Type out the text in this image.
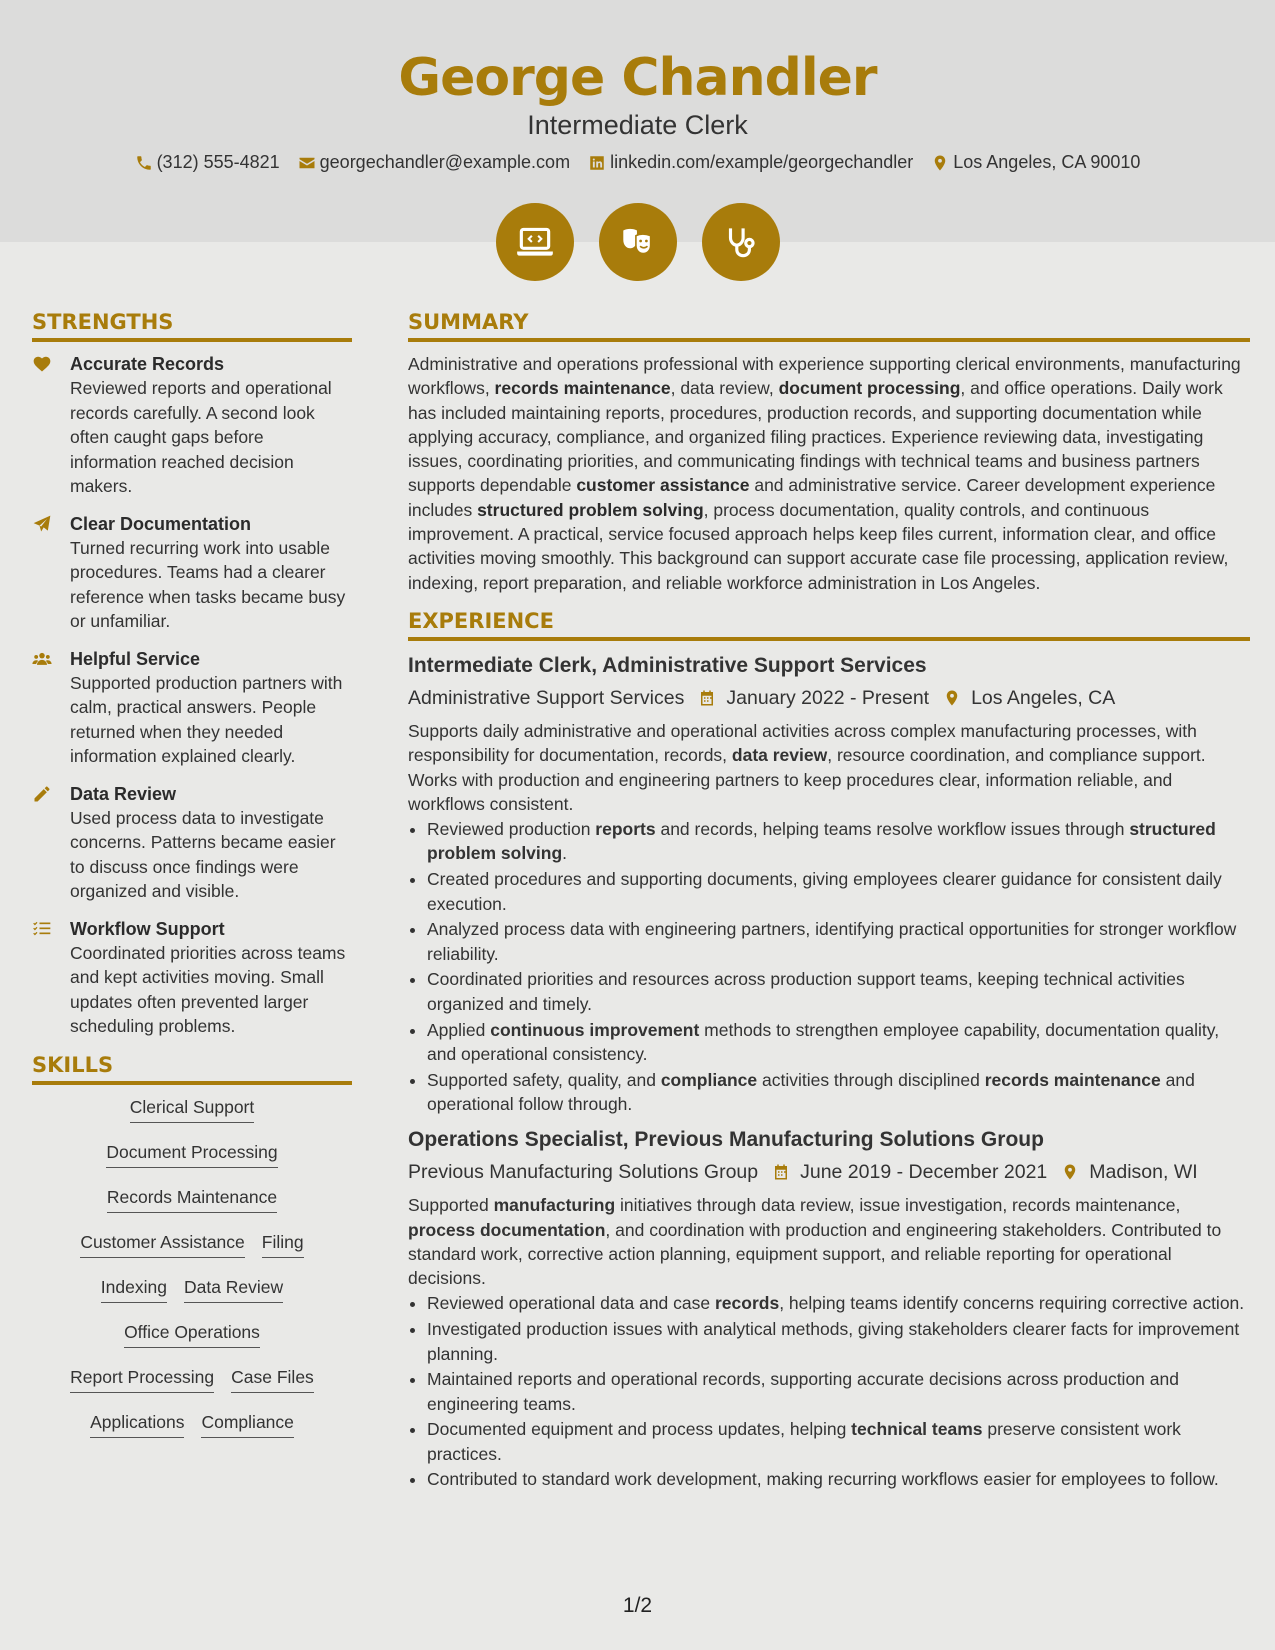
George Chandler
Intermediate Clerk
(312) 555-4821 georgechandler@example.com linkedin.com/example/georgechandler Los Angeles, CA 90010
STRENGTHS
Accurate Records

Reviewed reports and operational records carefully. A second look often caught gaps before information reached decision makers.

Clear Documentation

Turned recurring work into usable procedures. Teams had a clearer reference when tasks became busy or unfamiliar.

Helpful Service

Supported production partners with calm, practical answers. People returned when they needed information explained clearly.

Data Review

Used process data to investigate concerns. Patterns became easier to discuss once findings were organized and visible.

Workflow Support

Coordinated priorities across teams and kept activities moving. Small updates often prevented larger scheduling problems.

SKILLS
Clerical Support
Document Processing
Records Maintenance
Customer Assistance Filing
Indexing Data Review
Office Operations
Report Processing Case Files
Applications Compliance
SUMMARY

Administrative and operations professional with experience supporting clerical environments, manufacturing workflows, records maintenance, data review, document processing, and office operations. Daily work has included maintaining reports, procedures, production records, and supporting documentation while applying accuracy, compliance, and organized filing practices. Experience reviewing data, investigating issues, coordinating priorities, and communicating findings with technical teams and business partners supports dependable customer assistance and administrative service. Career development experience includes structured problem solving, process documentation, quality controls, and continuous improvement. A practical, service focused approach helps keep files current, information clear, and office activities moving smoothly. This background can support accurate case file processing, application review, indexing, report preparation, and reliable workforce administration in Los Angeles.

EXPERIENCE
Intermediate Clerk, Administrative Support Services
Administrative Support Services January 2022 - Present Los Angeles, CA

Supports daily administrative and operational activities across complex manufacturing processes, with responsibility for documentation, records, data review, resource coordination, and compliance support. Works with production and engineering partners to keep procedures clear, information reliable, and workflows consistent.

• Reviewed production reports and records, helping teams resolve workflow issues through structured problem solving.
• Created procedures and supporting documents, giving employees clearer guidance for consistent daily execution.
• Analyzed process data with engineering partners, identifying practical opportunities for stronger workflow reliability.
• Coordinated priorities and resources across production support teams, keeping technical activities organized and timely.
• Applied continuous improvement methods to strengthen employee capability, documentation quality, and operational consistency.
• Supported safety, quality, and compliance activities through disciplined records maintenance and operational follow through.
Operations Specialist, Previous Manufacturing Solutions Group
Previous Manufacturing Solutions Group June 2019 - December 2021 Madison, WI

Supported manufacturing initiatives through data review, issue investigation, records maintenance, process documentation, and coordination with production and engineering stakeholders. Contributed to standard work, corrective action planning, equipment support, and reliable reporting for operational decisions.

• Reviewed operational data and case records, helping teams identify concerns requiring corrective action.
• Investigated production issues with analytical methods, giving stakeholders clearer facts for improvement planning.
• Maintained reports and operational records, supporting accurate decisions across production and engineering teams.
• Documented equipment and process updates, helping technical teams preserve consistent work practices.
• Contributed to standard work development, making recurring workflows easier for employees to follow.
1/2
